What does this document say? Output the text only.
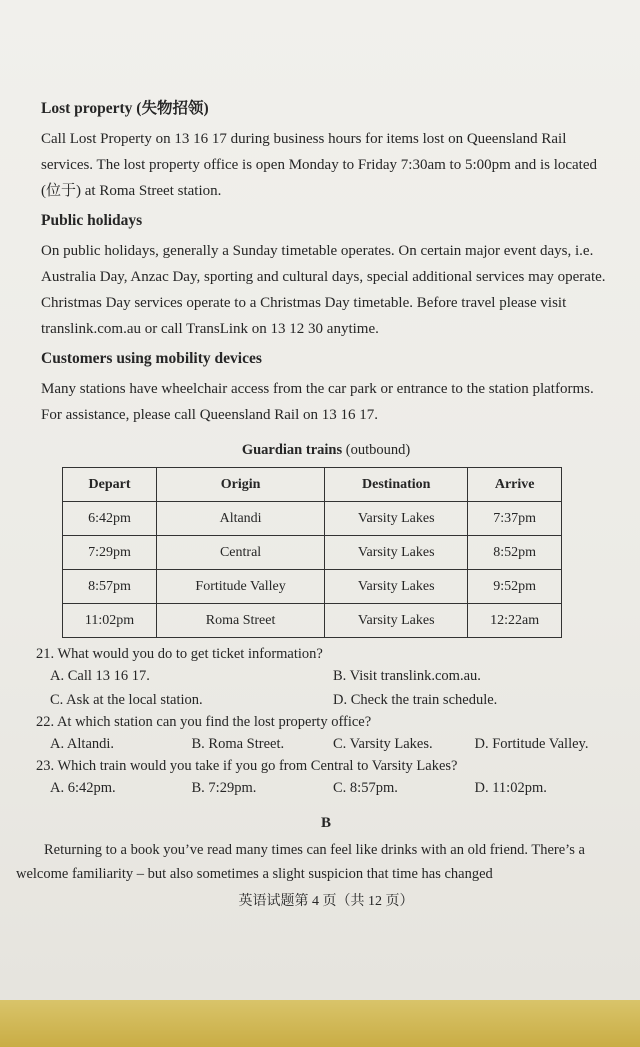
Lost property (失物招领)

Call Lost Property on 13 16 17 during business hours for items lost on Queensland Rail services. The lost property office is open Monday to Friday 7:30am to 5:00pm and is located (位于) at Roma Street station.

Public holidays

On public holidays, generally a Sunday timetable operates. On certain major event days, i.e. Australia Day, Anzac Day, sporting and cultural days, special additional services may operate. Christmas Day services operate to a Christmas Day timetable. Before travel please visit translink.com.au or call TransLink on 13 12 30 anytime.

Customers using mobility devices

Many stations have wheelchair access from the car park or entrance to the station platforms. For assistance, please call Queensland Rail on 13 16 17.

Guardian trains (outbound)
Depart	Origin	Destination	Arrive
6:42pm	Altandi	Varsity Lakes	7:37pm
7:29pm	Central	Varsity Lakes	8:52pm
8:57pm	Fortitude Valley	Varsity Lakes	9:52pm
11:02pm	Roma Street	Varsity Lakes	12:22am
21. What would you do to get ticket information?
A. Call 13 16 17.	B. Visit translink.com.au.
C. Ask at the local station.	D. Check the train schedule.
22. At which station can you find the lost property office?
A. Altandi.	B. Roma Street.	C. Varsity Lakes.	D. Fortitude Valley.
23. Which train would you take if you go from Central to Varsity Lakes?
A. 6:42pm.	B. 7:29pm.	C. 8:57pm.	D. 11:02pm.
B
Returning to a book you’ve read many times can feel like drinks with an old friend. There’s a welcome familiarity – but also sometimes a slight suspicion that time has changed
英语试题第 4 页（共 12 页）
